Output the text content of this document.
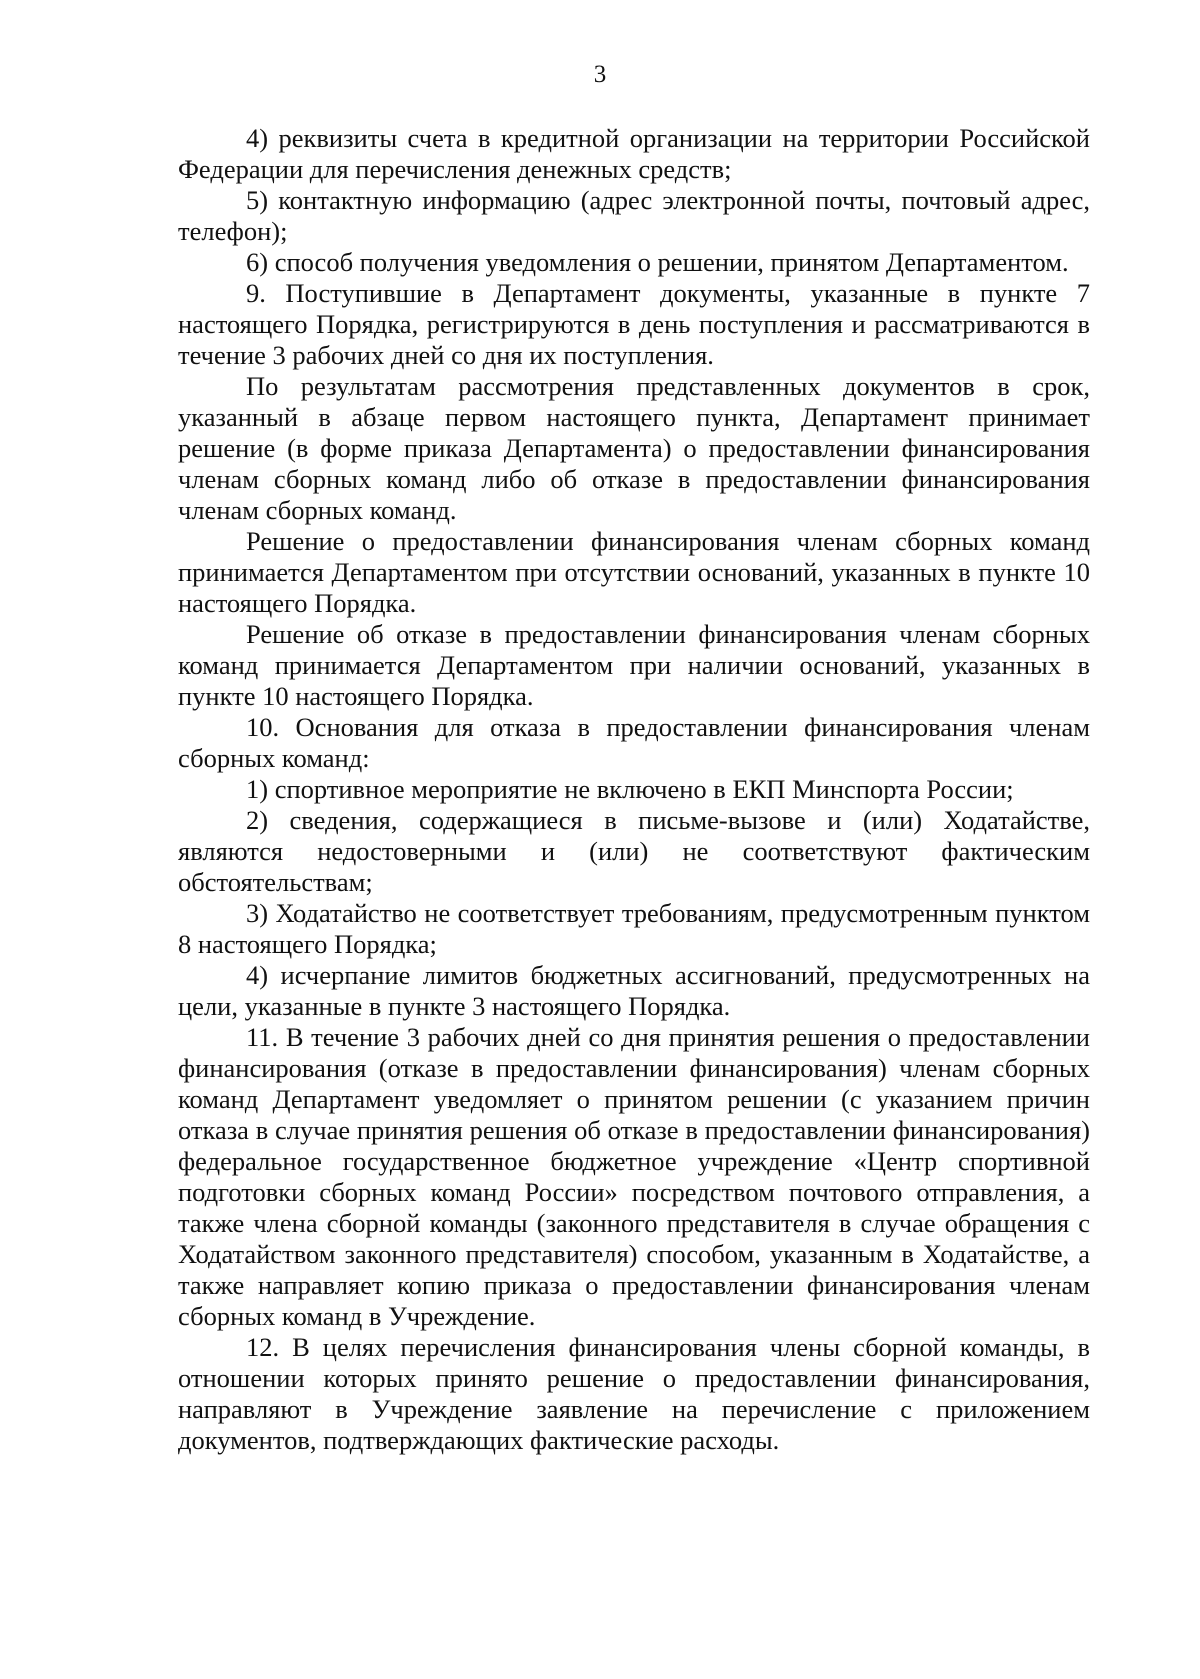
3

4) реквизиты счета в кредитной организации на территории Российской Федерации для перечисления денежных средств;

5) контактную информацию (адрес электронной почты, почтовый адрес, телефон);

6) способ получения уведомления о решении, принятом Департаментом.

9. Поступившие в Департамент документы, указанные в пункте 7 настоящего Порядка, регистрируются в день поступления и рассматриваются в течение 3 рабочих дней со дня их поступления.

По результатам рассмотрения представленных документов в срок, указанный в абзаце первом настоящего пункта, Департамент принимает решение (в форме приказа Департамента) о предоставлении финансирования членам сборных команд либо об отказе в предоставлении финансирования членам сборных команд.

Решение о предоставлении финансирования членам сборных команд принимается Департаментом при отсутствии оснований, указанных в пункте 10 настоящего Порядка.

Решение об отказе в предоставлении финансирования членам сборных команд принимается Департаментом при наличии оснований, указанных в пункте 10 настоящего Порядка.

10. Основания для отказа в предоставлении финансирования членам сборных команд:

1) спортивное мероприятие не включено в ЕКП Минспорта России;

2) сведения, содержащиеся в письме-вызове и (или) Ходатайстве, являются недостоверными и (или) не соответствуют фактическим обстоятельствам;

3) Ходатайство не соответствует требованиям, предусмотренным пунктом 8 настоящего Порядка;

4) исчерпание лимитов бюджетных ассигнований, предусмотренных на цели, указанные в пункте 3 настоящего Порядка.

11. В течение 3 рабочих дней со дня принятия решения о предоставлении финансирования (отказе в предоставлении финансирования) членам сборных команд Департамент уведомляет о принятом решении (с указанием причин отказа в случае принятия решения об отказе в предоставлении финансирования) федеральное государственное бюджетное учреждение «Центр спортивной подготовки сборных команд России» посредством почтового отправления, а также члена сборной команды (законного представителя в случае обращения с Ходатайством законного представителя) способом, указанным в Ходатайстве, а также направляет копию приказа о предоставлении финансирования членам сборных команд в Учреждение.

12. В целях перечисления финансирования члены сборной команды, в отношении которых принято решение о предоставлении финансирования, направляют в Учреждение заявление на перечисление с приложением документов, подтверждающих фактические расходы.
